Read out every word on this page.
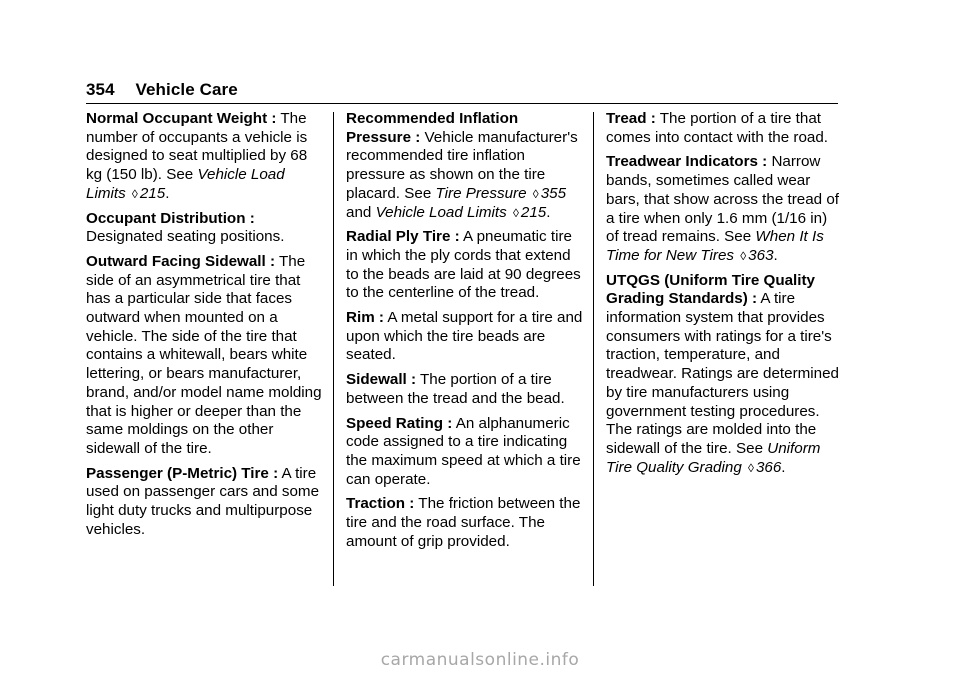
354 Vehicle Care

Normal Occupant Weight : The number of occupants a vehicle is designed to seat multiplied by 68 kg (150 lb). See Vehicle Load Limits ◊ 215.

Occupant Distribution : Designated seating positions.

Outward Facing Sidewall : The side of an asymmetrical tire that has a particular side that faces outward when mounted on a vehicle. The side of the tire that contains a whitewall, bears white lettering, or bears manufacturer, brand, and/or model name molding that is higher or deeper than the same moldings on the other sidewall of the tire.

Passenger (P-Metric) Tire : A tire used on passenger cars and some light duty trucks and multipurpose vehicles.

Recommended Inflation Pressure : Vehicle manufacturer's recommended tire inflation pressure as shown on the tire placard. See Tire Pressure ◊ 355 and Vehicle Load Limits ◊ 215.

Radial Ply Tire : A pneumatic tire in which the ply cords that extend to the beads are laid at 90 degrees to the centerline of the tread.

Rim : A metal support for a tire and upon which the tire beads are seated.

Sidewall : The portion of a tire between the tread and the bead.

Speed Rating : An alphanumeric code assigned to a tire indicating the maximum speed at which a tire can operate.

Traction : The friction between the tire and the road surface. The amount of grip provided.

Tread : The portion of a tire that comes into contact with the road.

Treadwear Indicators : Narrow bands, sometimes called wear bars, that show across the tread of a tire when only 1.6 mm (1/16 in) of tread remains. See When It Is Time for New Tires ◊ 363.

UTQGS (Uniform Tire Quality Grading Standards) : A tire information system that provides consumers with ratings for a tire's traction, temperature, and treadwear. Ratings are determined by tire manufacturers using government testing procedures. The ratings are molded into the sidewall of the tire. See Uniform Tire Quality Grading ◊ 366.

carmanualsonline.info
